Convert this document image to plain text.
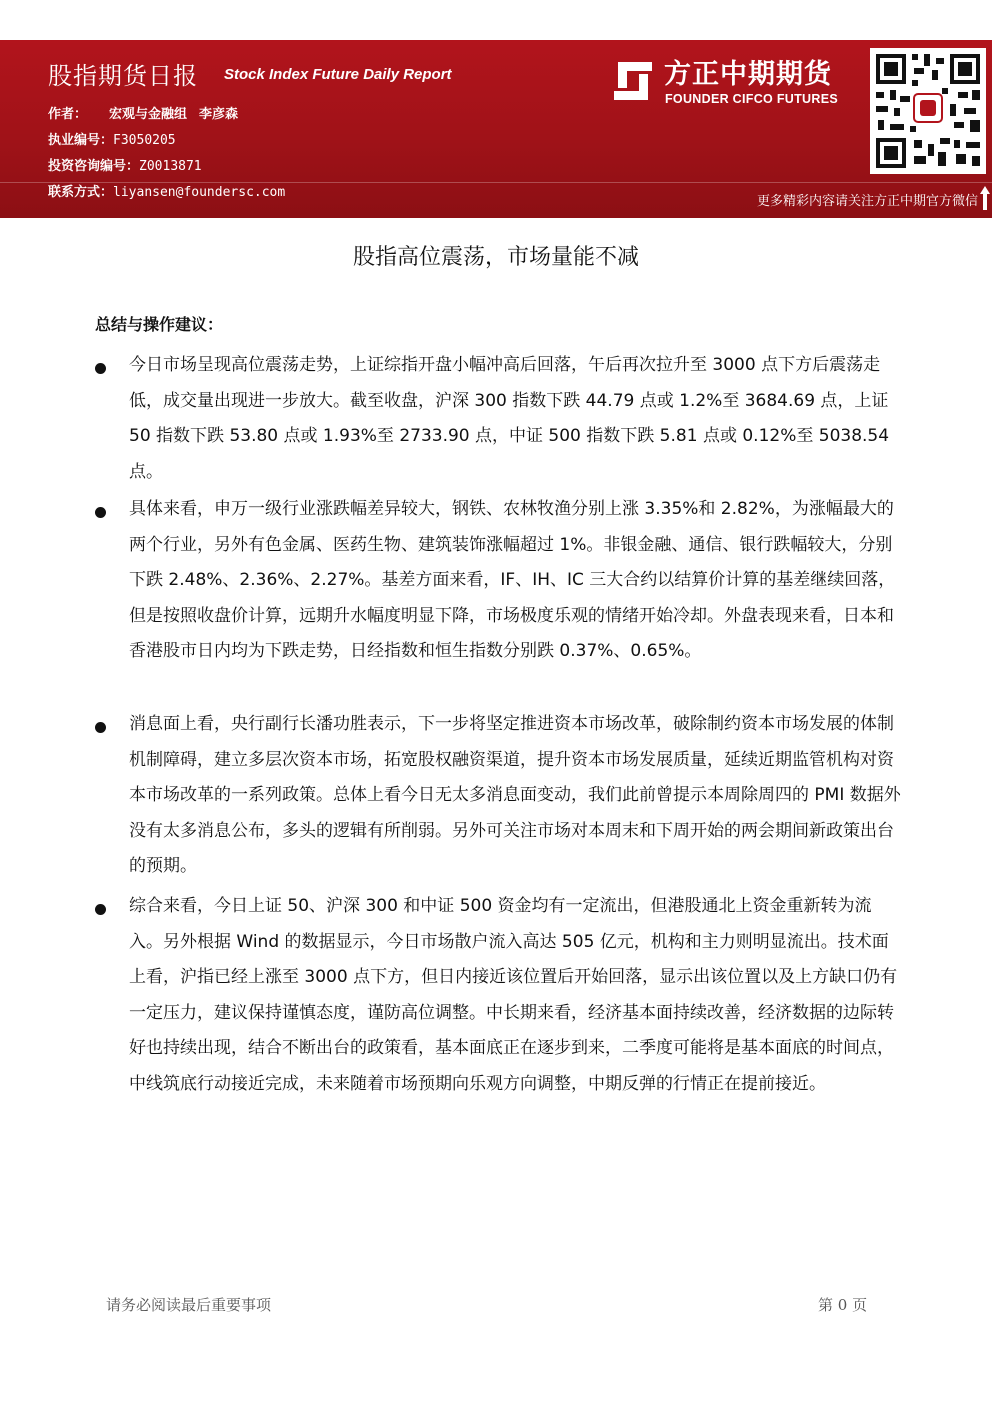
股指期货日报 Stock Index Future Daily Report
作者： 宏观与金融组 李彦森
执业编号：F3050205
投资咨询编号：Z0013871
联系方式：liyansen@foundersc.com
方正中期期货
FOUNDER CIFCO FUTURES
更多精彩内容请关注方正中期官方微信
股指高位震荡，市场量能不减
总结与操作建议：

今日市场呈现高位震荡走势，上证综指开盘小幅冲高后回落，午后再次拉升至 3000 点下方后震荡走低，成交量出现进一步放大。截至收盘，沪深 300 指数下跌 44.79 点或 1.2%至 3684.69 点，上证 50 指数下跌 53.80 点或 1.93%至 2733.90 点，中证 500 指数下跌 5.81 点或 0.12%至 5038.54 点。

具体来看，申万一级行业涨跌幅差异较大，钢铁、农林牧渔分别上涨 3.35%和 2.82%，为涨幅最大的两个行业，另外有色金属、医药生物、建筑装饰涨幅超过 1%。非银金融、通信、银行跌幅较大，分别下跌 2.48%、2.36%、2.27%。基差方面来看，IF、IH、IC 三大合约以结算价计算的基差继续回落，但是按照收盘价计算，远期升水幅度明显下降，市场极度乐观的情绪开始冷却。外盘表现来看，日本和香港股市日内均为下跌走势，日经指数和恒生指数分别跌 0.37%、0.65%。

消息面上看，央行副行长潘功胜表示，下一步将坚定推进资本市场改革，破除制约资本市场发展的体制机制障碍，建立多层次资本市场，拓宽股权融资渠道，提升资本市场发展质量，延续近期监管机构对资本市场改革的一系列政策。总体上看今日无太多消息面变动，我们此前曾提示本周除周四的 PMI 数据外没有太多消息公布，多头的逻辑有所削弱。另外可关注市场对本周末和下周开始的两会期间新政策出台的预期。

综合来看，今日上证 50、沪深 300 和中证 500 资金均有一定流出，但港股通北上资金重新转为流入。另外根据 Wind 的数据显示，今日市场散户流入高达 505 亿元，机构和主力则明显流出。技术面上看，沪指已经上涨至 3000 点下方，但日内接近该位置后开始回落，显示出该位置以及上方缺口仍有一定压力，建议保持谨慎态度，谨防高位调整。中长期来看，经济基本面持续改善，经济数据的边际转好也持续出现，结合不断出台的政策看，基本面底正在逐步到来，二季度可能将是基本面底的时间点，中线筑底行动接近完成，未来随着市场预期向乐观方向调整，中期反弹的行情正在提前接近。

请务必阅读最后重要事项	第 0 页
